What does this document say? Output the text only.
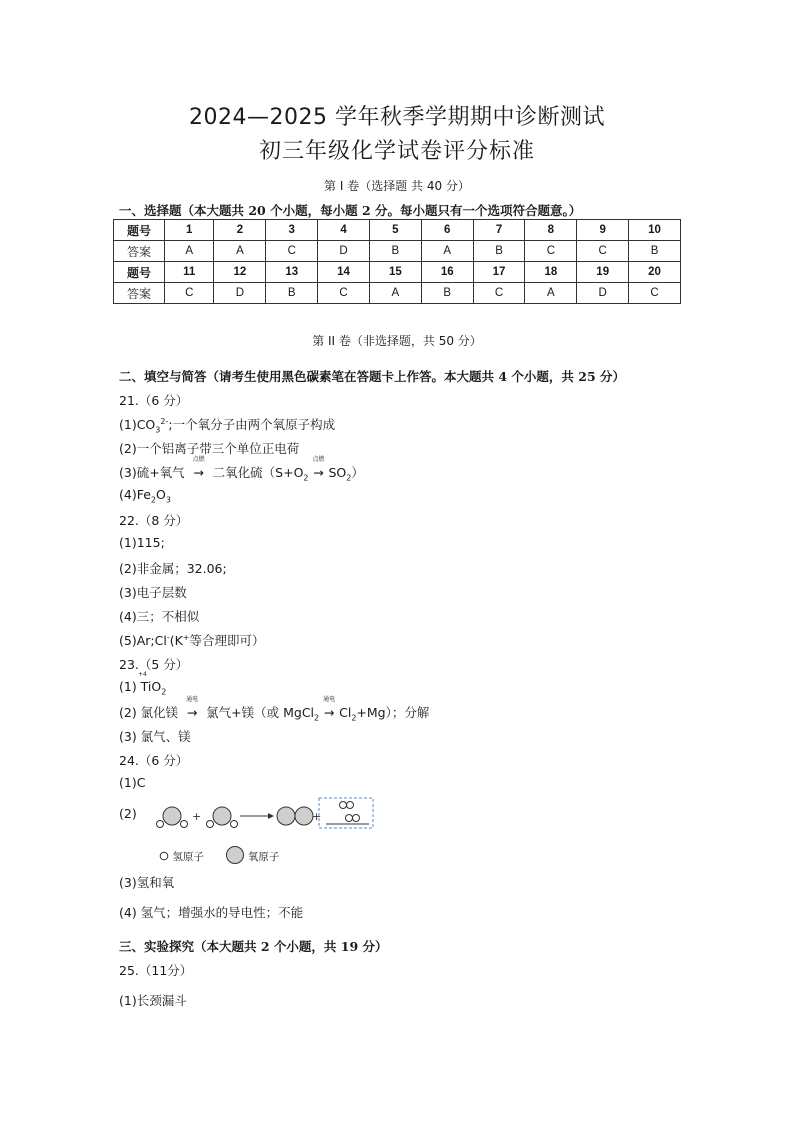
2024—2025 学年秋季学期期中诊断测试
初三年级化学试卷评分标准
第 I 卷（选择题 共 40 分）
一、选择题（本大题共 20 个小题，每小题 2 分。每小题只有一个选项符合题意。）
题号	1	2	3	4	5	6	7	8	9	10
答案	A	A	C	D	B	A	B	C	C	B
题号	11	12	13	14	15	16	17	18	19	20
答案	C	D	B	C	A	B	C	A	D	C
第 II 卷（非选择题，共 50 分）
二、填空与简答（请考生使用黑色碳素笔在答题卡上作答。本大题共 4 个小题，共 25 分）
21.（6 分）
$(1)CO_3^{2-}$;一个氧分子由两个氧原子构成
(2)一个铝离子带三个单位正电荷
(3)硫+氧气
点燃
→ 二氧化硫（$S+O_2$
点燃
→ $SO_2$）
$(4)Fe_2O_3$
22.（8 分）
(1)115;
(2)非金属；32.06;
(3)电子层数
(4)三；不相似
(5)Ar;Cl-(K+等合理即可）
23.（5 分）
+4
(1) TiO$_2$
(2) 氯化镁
通电
→ 氯气+镁（或 MgCl$_2$
通电
→ $Cl_2+Mg$）；分解
(3) 氯气、镁
24.（6 分）
(1)C
(2)	+	+
氢原子	氧原子
(3)氢和氧
(4) 氢气；增强水的导电性；不能
三、实验探究（本大题共 2 个小题，共 19 分）
25.（11分）
(1)长颈漏斗
